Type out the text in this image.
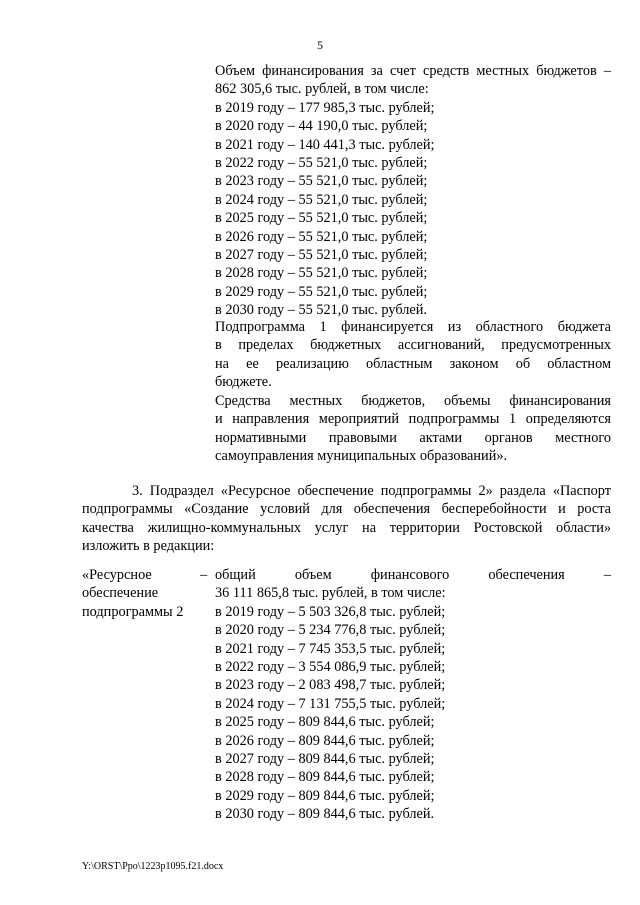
5
Объем финансирования за счет средств местных бюджетов –
862 305,6 тыс. рублей, в том числе:
в 2019 году – 177 985,3 тыс. рублей;
в 2020 году – 44 190,0 тыс. рублей;
в 2021 году – 140 441,3 тыс. рублей;
в 2022 году – 55 521,0 тыс. рублей;
в 2023 году – 55 521,0 тыс. рублей;
в 2024 году – 55 521,0 тыс. рублей;
в 2025 году – 55 521,0 тыс. рублей;
в 2026 году – 55 521,0 тыс. рублей;
в 2027 году – 55 521,0 тыс. рублей;
в 2028 году – 55 521,0 тыс. рублей;
в 2029 году – 55 521,0 тыс. рублей;
в 2030 году – 55 521,0 тыс. рублей.
Подпрограмма 1 финансируется из областного бюджета
в пределах бюджетных ассигнований, предусмотренных
на ее реализацию областным законом об областном
бюджете.
Средства местных бюджетов, объемы финансирования
и направления мероприятий подпрограммы 1 определяются
нормативными правовыми актами органов местного
самоуправления муниципальных образований».
3. Подраздел «Ресурсное обеспечение подпрограммы 2» раздела «Паспорт
подпрограммы «Создание условий для обеспечения бесперебойности и роста
качества жилищно-коммунальных услуг на территории Ростовской области»
изложить в редакции:
«Ресурсное
обеспечение
подпрограммы 2
– общий объем финансового обеспечения –
36 111 865,8 тыс. рублей, в том числе:
в 2019 году – 5 503 326,8 тыс. рублей;
в 2020 году – 5 234 776,8 тыс. рублей;
в 2021 году – 7 745 353,5 тыс. рублей;
в 2022 году – 3 554 086,9 тыс. рублей;
в 2023 году – 2 083 498,7 тыс. рублей;
в 2024 году – 7 131 755,5 тыс. рублей;
в 2025 году – 809 844,6 тыс. рублей;
в 2026 году – 809 844,6 тыс. рублей;
в 2027 году – 809 844,6 тыс. рублей;
в 2028 году – 809 844,6 тыс. рублей;
в 2029 году – 809 844,6 тыс. рублей;
в 2030 году – 809 844,6 тыс. рублей.
Y:\ORST\Ppo\1223p1095.f21.docx
